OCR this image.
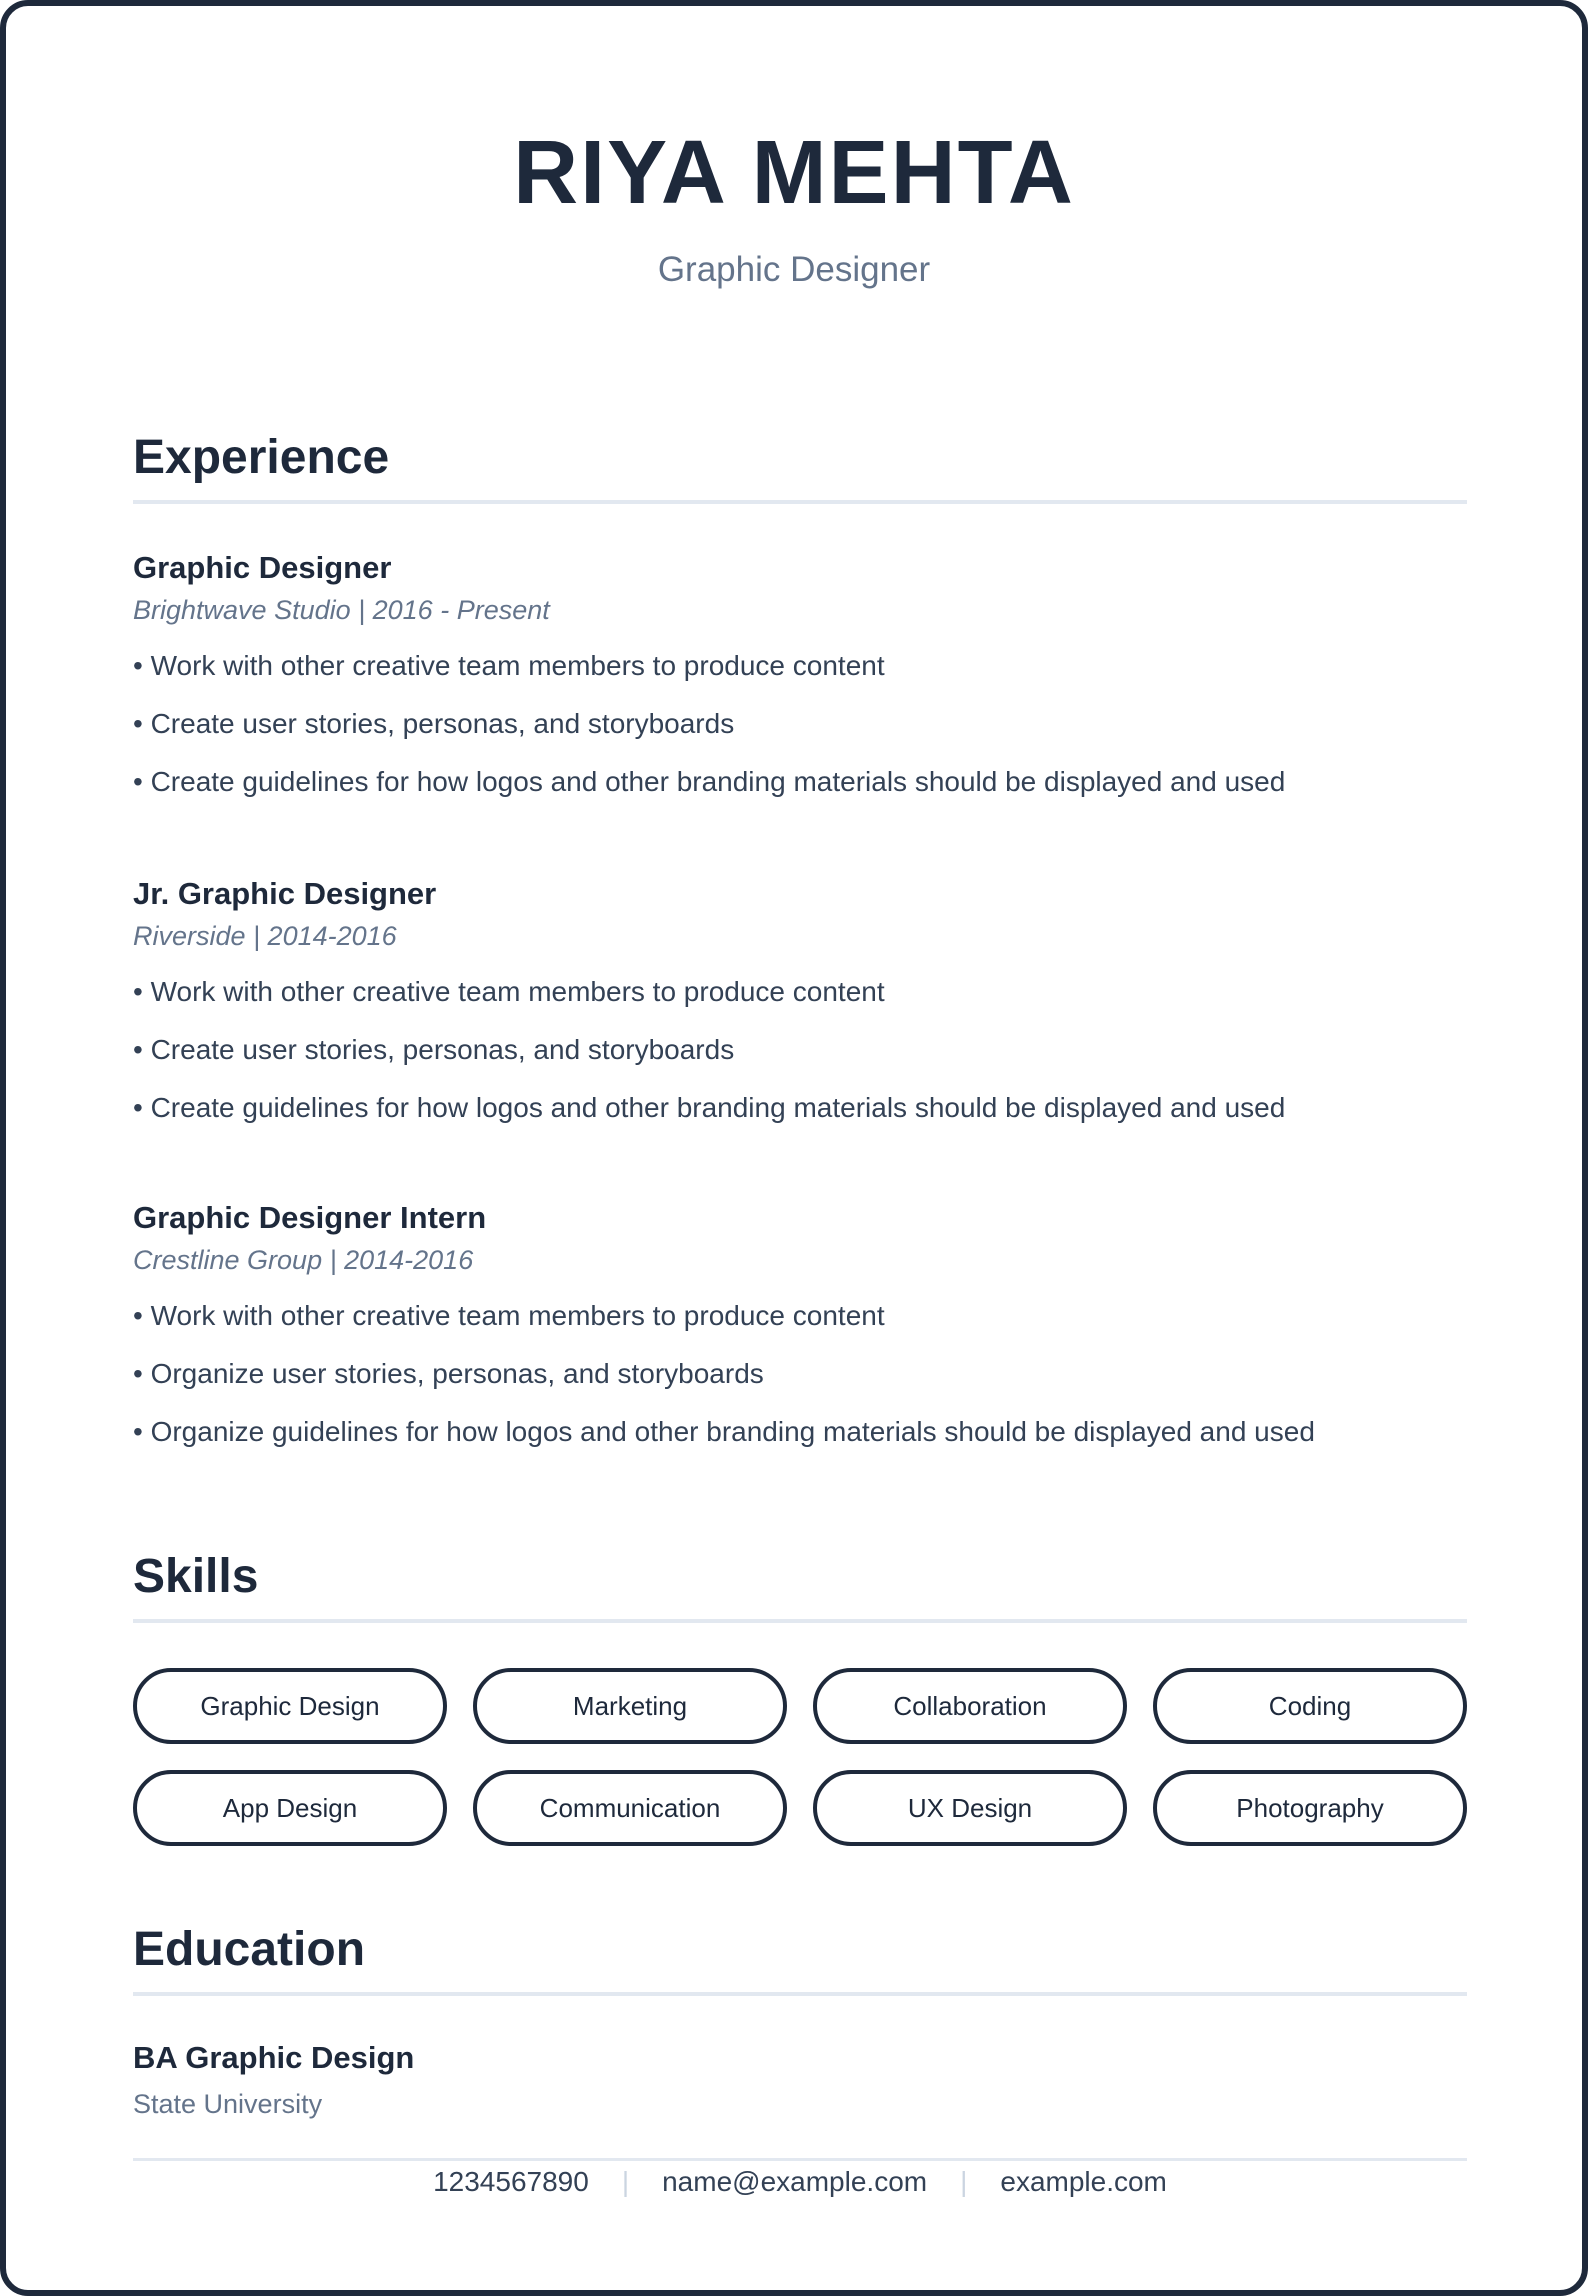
RIYA MEHTA
Graphic Designer
Experience
Graphic Designer
Brightwave Studio | 2016 - Present
• Work with other creative team members to produce content
• Create user stories, personas, and storyboards
• Create guidelines for how logos and other branding materials should be displayed and used
Jr. Graphic Designer
Riverside | 2014-2016
• Work with other creative team members to produce content
• Create user stories, personas, and storyboards
• Create guidelines for how logos and other branding materials should be displayed and used
Graphic Designer Intern
Crestline Group | 2014-2016
• Work with other creative team members to produce content
• Organize user stories, personas, and storyboards
• Organize guidelines for how logos and other branding materials should be displayed and used
Skills
Graphic Design	Marketing	Collaboration	Coding
App Design	Communication	UX Design	Photography
Education
BA Graphic Design
State University
1234567890 | name@example.com | example.com
